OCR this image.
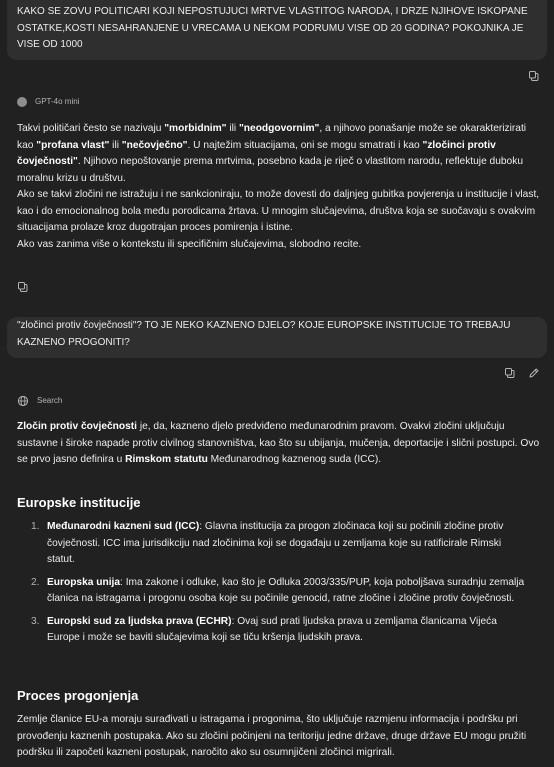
KAKO SE ZOVU POLITICARI KOJI NEPOSTUJUCI MRTVE VLASTITOG NARODA, I DRZE NJIHOVE ISKOPANE OSTATKE,KOSTI NESAHRANJENE U VRECAMA U NEKOM PODRUMU VISE OD 20 GODINA? POKOJNIKA JE VISE OD 1000
GPT-4o mini

Takvi političari često se nazivaju "morbidnim" ili "neodgovornim", a njihovo ponašanje može se okarakterizirati kao "profana vlast" ili "nečovječno". U najtežim situacijama, oni se mogu smatrati i kao "zločinci protiv čovječnosti". Njihovo nepoštovanje prema mrtvima, posebno kada je riječ o vlastitom narodu, reflektuje duboku moralnu krizu u društvu.

Ako se takvi zločini ne istražuju i ne sankcioniraju, to može dovesti do daljnjeg gubitka povjerenja u institucije i vlast, kao i do emocionalnog bola među porodicama žrtava. U mnogim slučajevima, društva koja se suočavaju s ovakvim situacijama prolaze kroz dugotrajan proces pomirenja i istine.

Ako vas zanima više o kontekstu ili specifičnim slučajevima, slobodno recite.

"zločinci protiv čovječnosti"? TO JE NEKO KAZNENO DJELO? KOJE EUROPSKE INSTITUCIJE TO TREBAJU KAZNENO PROGONITI?
Search

Zločin protiv čovječnosti je, da, kazneno djelo predviđeno međunarodnim pravom. Ovakvi zločini uključuju sustavne i široke napade protiv civilnog stanovništva, kao što su ubijanja, mučenja, deportacije i slični postupci. Ovo se prvo jasno definira u Rimskom statutu Međunarodnog kaznenog suda (ICC).

Europske institucije
1. Međunarodni kazneni sud (ICC): Glavna institucija za progon zločinaca koji su počinili zločine protiv čovječnosti. ICC ima jurisdikciju nad zločinima koji se događaju u zemljama koje su ratificirale Rimski statut.
2. Europska unija: Ima zakone i odluke, kao što je Odluka 2003/335/PUP, koja poboljšava suradnju zemalja članica na istragama i progonu osoba koje su počinile genocid, ratne zločine i zločine protiv čovječnosti.
3. Europski sud za ljudska prava (ECHR): Ovaj sud prati ljudska prava u zemljama članicama Vijeća Europe i može se baviti slučajevima koji se tiču kršenja ljudskih prava.
Proces progonjenja

Zemlje članice EU-a moraju surađivati u istragama i progonima, što uključuje razmjenu informacija i podršku pri provođenju kaznenih postupaka. Ako su zločini počinjeni na teritoriju jedne države, druge države EU mogu pružiti podršku ili započeti kazneni postupak, naročito ako su osumnjičeni zločinci migrirali.
